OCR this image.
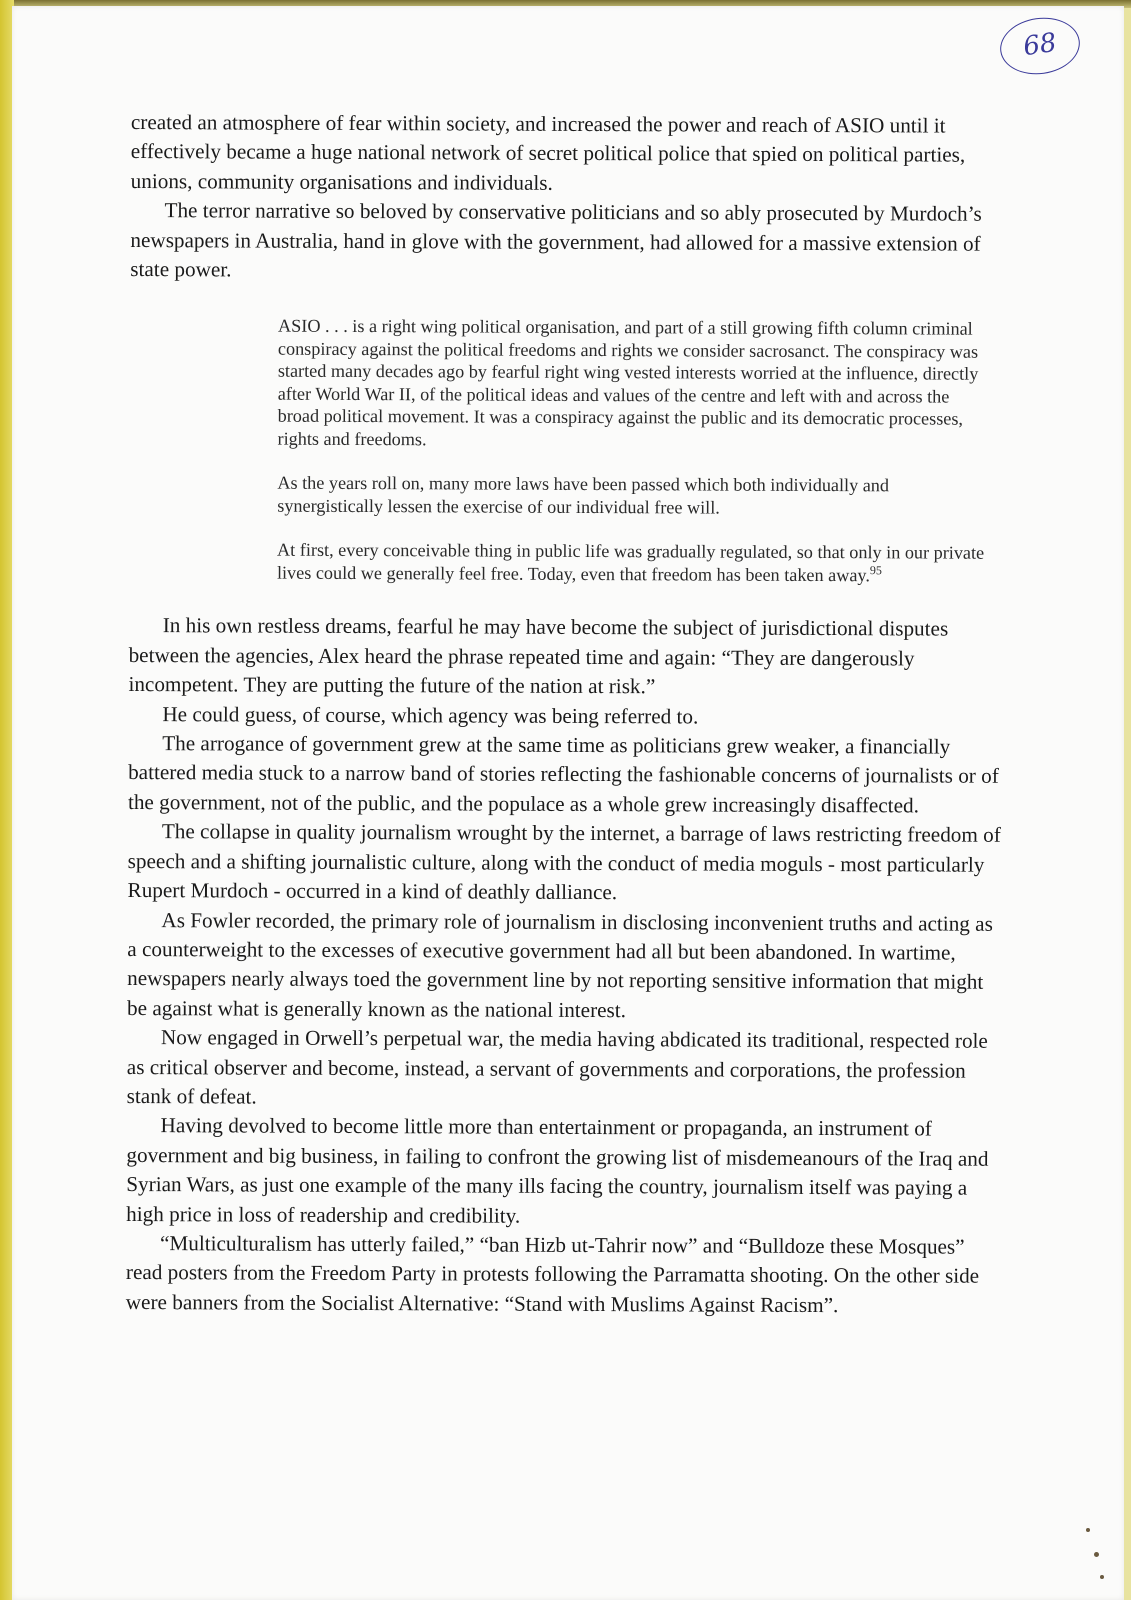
68

created an atmosphere of fear within society, and increased the power and reach of ASIO until it effectively became a huge national network of secret political police that spied on political parties, unions, community organisations and individuals.

The terror narrative so beloved by conservative politicians and so ably prosecuted by Murdoch’s newspapers in Australia, hand in glove with the government, had allowed for a massive extension of state power.

ASIO . . . is a right wing political organisation, and part of a still growing fifth column criminal conspiracy against the political freedoms and rights we consider sacrosanct. The conspiracy was started many decades ago by fearful right wing vested interests worried at the influence, directly after World War II, of the political ideas and values of the centre and left with and across the broad political movement. It was a conspiracy against the public and its democratic processes, rights and freedoms.

As the years roll on, many more laws have been passed which both individually and synergistically lessen the exercise of our individual free will.

At first, every conceivable thing in public life was gradually regulated, so that only in our private lives could we generally feel free. Today, even that freedom has been taken away.$^{95}$

In his own restless dreams, fearful he may have become the subject of jurisdictional disputes between the agencies, Alex heard the phrase repeated time and again: “They are dangerously incompetent. They are putting the future of the nation at risk.”

He could guess, of course, which agency was being referred to.

The arrogance of government grew at the same time as politicians grew weaker, a financially battered media stuck to a narrow band of stories reflecting the fashionable concerns of journalists or of the government, not of the public, and the populace as a whole grew increasingly disaffected.

The collapse in quality journalism wrought by the internet, a barrage of laws restricting freedom of speech and a shifting journalistic culture, along with the conduct of media moguls - most particularly Rupert Murdoch - occurred in a kind of deathly dalliance.

As Fowler recorded, the primary role of journalism in disclosing inconvenient truths and acting as a counterweight to the excesses of executive government had all but been abandoned. In wartime, newspapers nearly always toed the government line by not reporting sensitive information that might be against what is generally known as the national interest.

Now engaged in Orwell’s perpetual war, the media having abdicated its traditional, respected role as critical observer and become, instead, a servant of governments and corporations, the profession stank of defeat.

Having devolved to become little more than entertainment or propaganda, an instrument of government and big business, in failing to confront the growing list of misdemeanours of the Iraq and Syrian Wars, as just one example of the many ills facing the country, journalism itself was paying a high price in loss of readership and credibility.

“Multiculturalism has utterly failed,” “ban Hizb ut-Tahrir now” and “Bulldoze these Mosques” read posters from the Freedom Party in protests following the Parramatta shooting. On the other side were banners from the Socialist Alternative: “Stand with Muslims Against Racism”.
